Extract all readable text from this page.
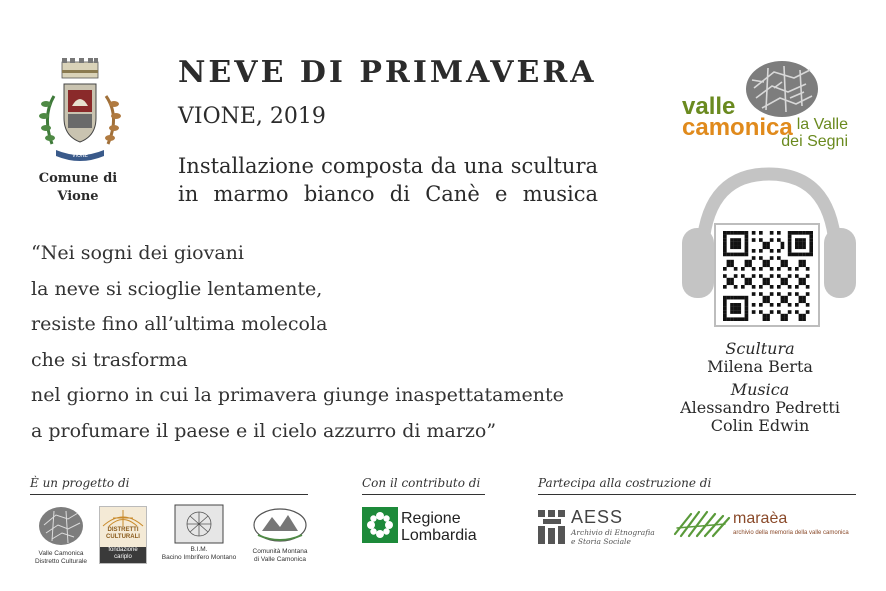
VIONE
Comune di
Vione
NEVE DI PRIMAVERA
VIONE, 2019
Installazione composta da una scultura
in marmo bianco di Canè e musica
“Nei sogni dei giovani
la neve si scioglie lentamente,
resiste fino all’ultima molecola
che si trasforma
nel giorno in cui la primavera giunge inaspettatamente
a profumare il paese e il cielo azzurro di marzo”
valle
camonica la Valle
dei Segni
Scultura
Milena Berta
Musica
Alessandro Pedretti
Colin Edwin
È un progetto di	Con il contributo di	Partecipa alla costruzione di
Valle Camonica
Distretto Culturale
DISTRETTI
CULTURALI
fondazione
cariplo
B.I.M.
Bacino Imbrifero Montano
Comunità Montana
di Valle Camonica
Regione
Lombardia
AESS
Archivio di Etnografia
e Storia Sociale
maraèa
archivio della memoria della valle camonica
